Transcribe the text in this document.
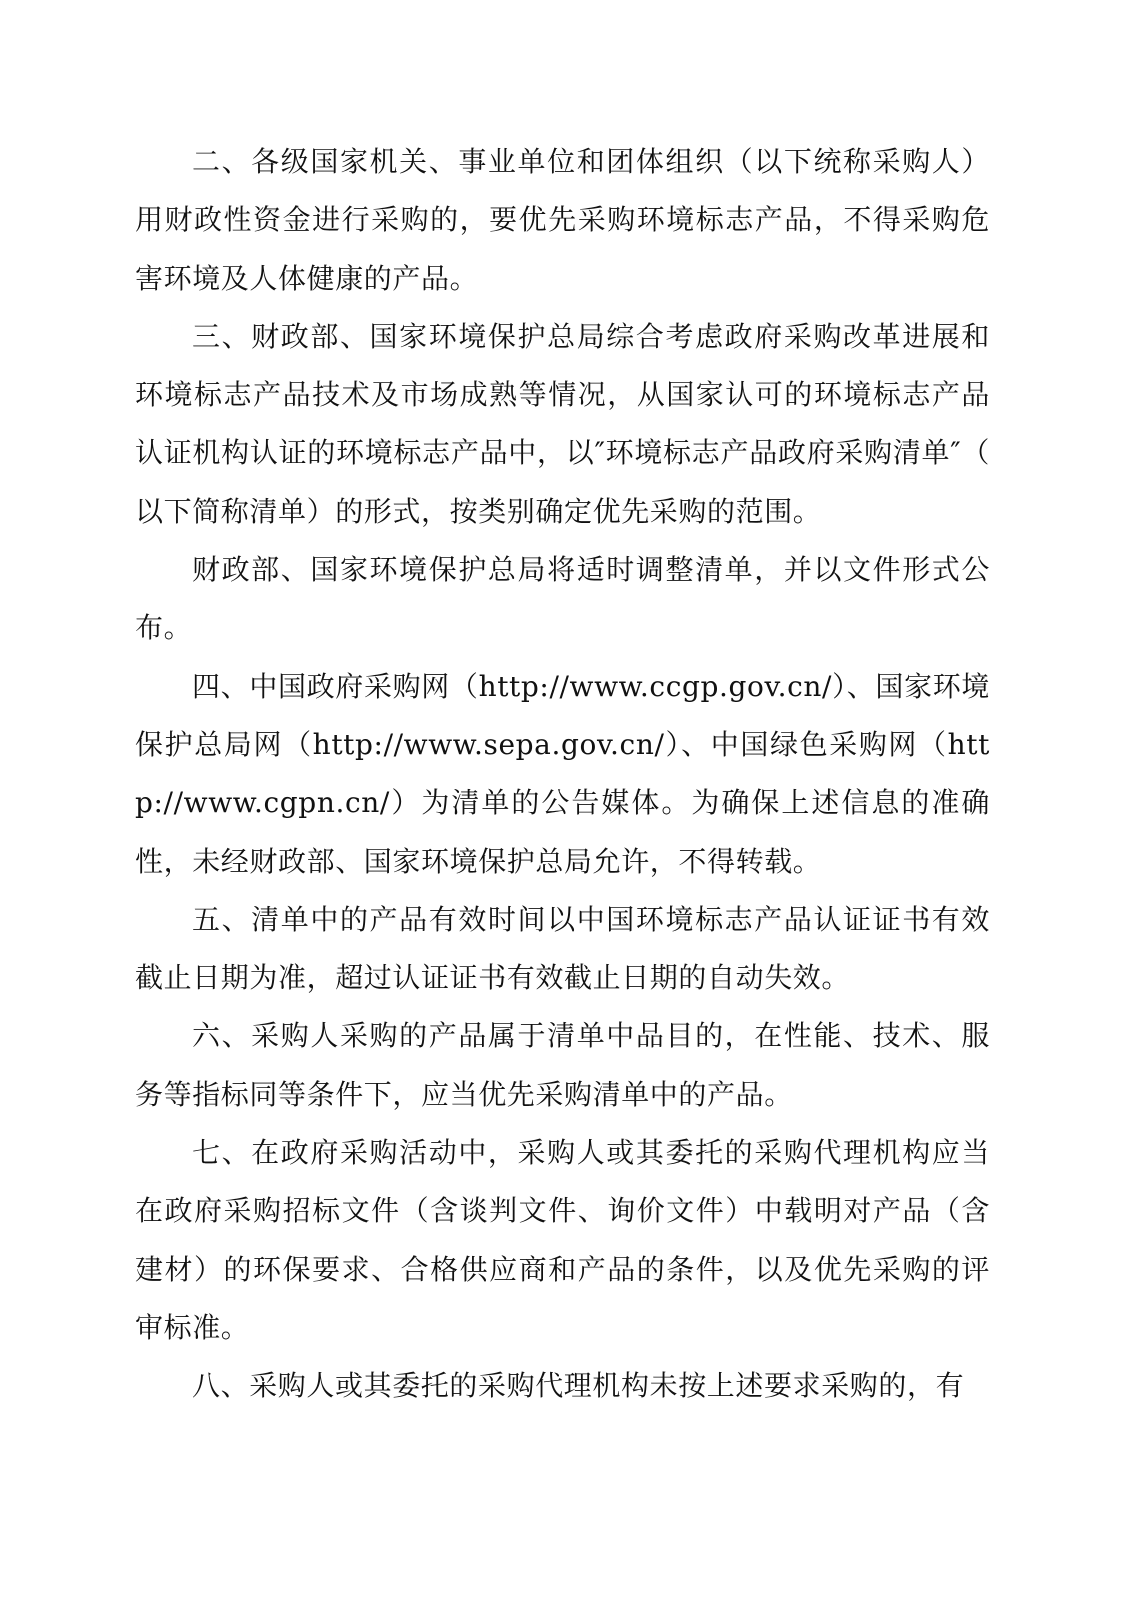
二、各级国家机关、事业单位和团体组织（以下统称采购人）用财政性资金进行采购的，要优先采购环境标志产品，不得采购危害环境及人体健康的产品。

三、财政部、国家环境保护总局综合考虑政府采购改革进展和环境标志产品技术及市场成熟等情况，从国家认可的环境标志产品认证机构认证的环境标志产品中，以″环境标志产品政府采购清单″（以下简称清单）的形式，按类别确定优先采购的范围。

财政部、国家环境保护总局将适时调整清单，并以文件形式公布。

四、中国政府采购网（http://www.ccgp.gov.cn/）、国家环境保护总局网（http://www.sepa.gov.cn/）、中国绿色采购网（http://www.cgpn.cn/）为清单的公告媒体。为确保上述信息的准确性，未经财政部、国家环境保护总局允许，不得转载。

五、清单中的产品有效时间以中国环境标志产品认证证书有效截止日期为准，超过认证证书有效截止日期的自动失效。

六、采购人采购的产品属于清单中品目的，在性能、技术、服务等指标同等条件下，应当优先采购清单中的产品。

七、在政府采购活动中，采购人或其委托的采购代理机构应当在政府采购招标文件（含谈判文件、询价文件）中载明对产品（含建材）的环保要求、合格供应商和产品的条件，以及优先采购的评审标准。

八、采购人或其委托的采购代理机构未按上述要求采购的，有
